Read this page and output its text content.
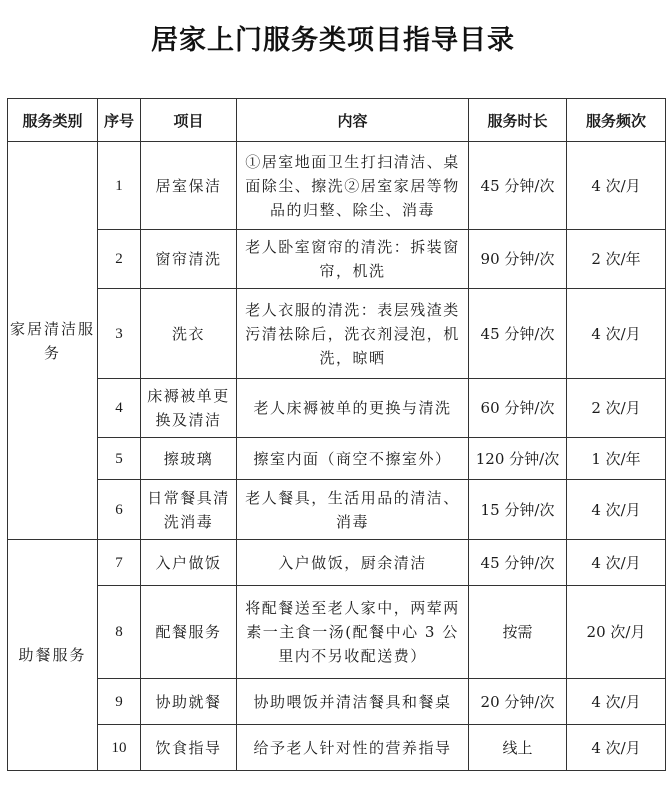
居家上门服务类项目指导目录
服务类别	序号	项目	内容	服务时长	服务频次
家居清洁服务	1	居室保洁	①居室地面卫生打扫清洁、桌面除尘、擦洗②居室家居等物品的归整、除尘、消毒	45 分钟/次	4 次/月
	2	窗帘清洗	老人卧室窗帘的清洗：拆装窗帘，机洗	90 分钟/次	2 次/年
	3	洗衣	老人衣服的清洗：表层残渣类污清祛除后，洗衣剂浸泡，机洗，晾晒	45 分钟/次	4 次/月
	4	床褥被单更换及清洁	老人床褥被单的更换与清洗	60 分钟/次	2 次/月
	5	擦玻璃	擦室内面（商空不擦室外）	120 分钟/次	1 次/年
	6	日常餐具清洗消毒	老人餐具，生活用品的清洁、消毒	15 分钟/次	4 次/月
助餐服务	7	入户做饭	入户做饭，厨余清洁	45 分钟/次	4 次/月
	8	配餐服务	将配餐送至老人家中，两荤两素一主食一汤(配餐中心 3 公里内不另收配送费）	按需	20 次/月
	9	协助就餐	协助喂饭并清洁餐具和餐桌	20 分钟/次	4 次/月
	10	饮食指导	给予老人针对性的营养指导	线上	4 次/月
